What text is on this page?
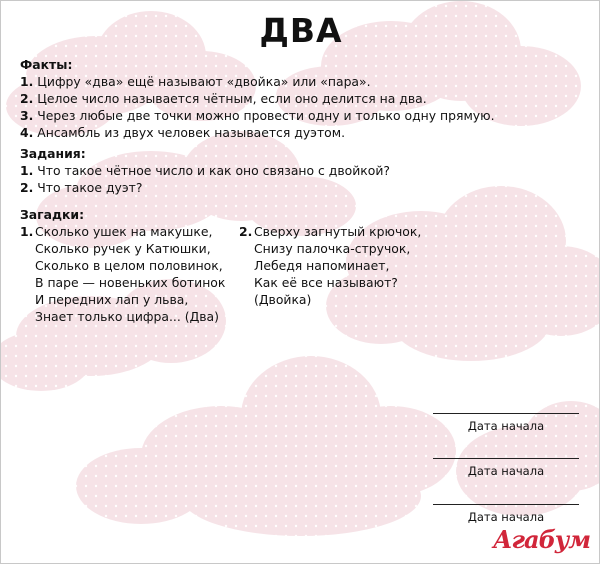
ДВА
Факты:
1. Цифру «два» ещё называют «двойка» или «пара».
2. Целое число называется чётным, если оно делится на два.
3. Через любые две точки можно провести одну и только одну прямую.
4. Ансамбль из двух человек называется дуэтом.
Задания:
1. Что такое чётное число и как оно связано с двойкой?
2. Что такое дуэт?
Загадки:
1. Сколько ушек на макушке,
Сколько ручек у Катюшки,
Сколько в целом половинок,
В паре — новеньких ботинок
И передних лап у льва,
Знает только цифра... (Два)
2. Сверху загнутый крючок,
Снизу палочка-стручок,
Лебедя напоминает,
Как её все называют?
(Двойка)
Дата начала
Дата начала
Дата начала
Агабум
